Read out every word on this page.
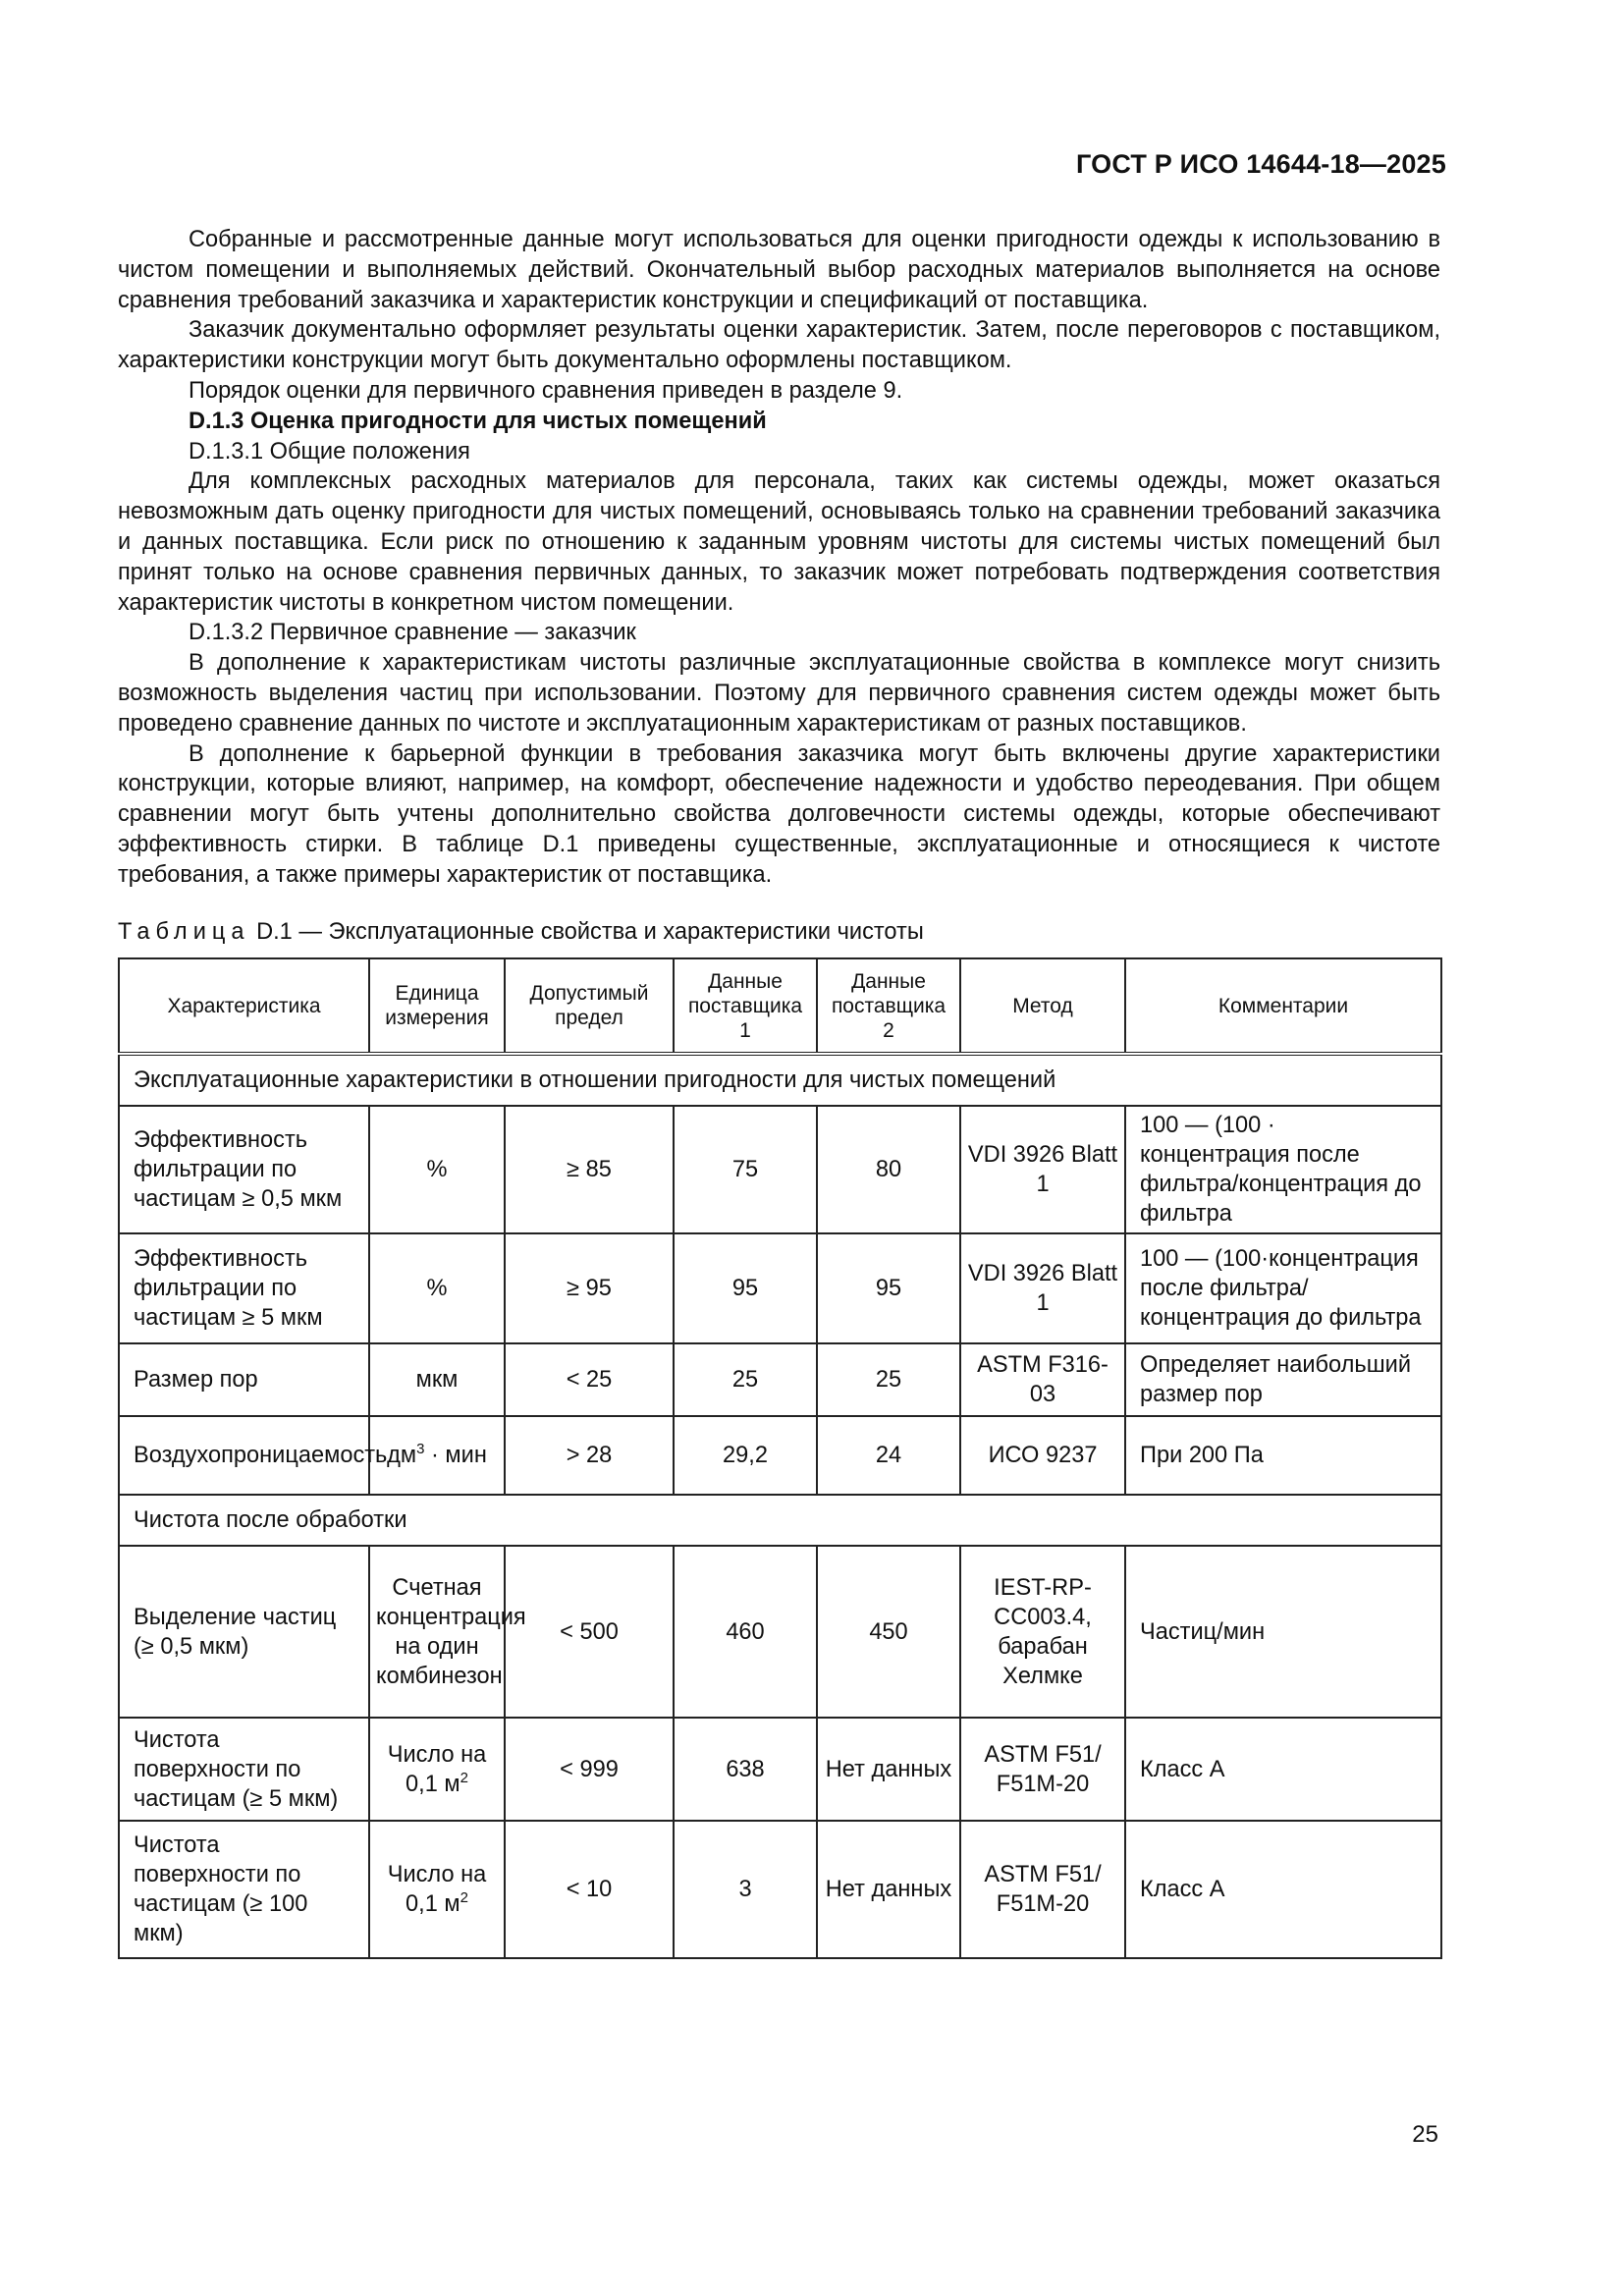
ГОСТ Р ИСО 14644-18—2025

Собранные и рассмотренные данные могут использоваться для оценки пригодности одежды к использованию в чистом помещении и выполняемых действий. Окончательный выбор расходных материалов выполняется на основе сравнения требований заказчика и характеристик конструкции и спецификаций от поставщика.

Заказчик документально оформляет результаты оценки характеристик. Затем, после переговоров с поставщиком, характеристики конструкции могут быть документально оформлены поставщиком.

Порядок оценки для первичного сравнения приведен в разделе 9.

D.1.3 Оценка пригодности для чистых помещений

D.1.3.1 Общие положения

Для комплексных расходных материалов для персонала, таких как системы одежды, может оказаться невозможным дать оценку пригодности для чистых помещений, основываясь только на сравнении требований заказчика и данных поставщика. Если риск по отношению к заданным уровням чистоты для системы чистых помещений был принят только на основе сравнения первичных данных, то заказчик может потребовать подтверждения соответствия характеристик чистоты в конкретном чистом помещении.

D.1.3.2 Первичное сравнение — заказчик

В дополнение к характеристикам чистоты различные эксплуатационные свойства в комплексе могут снизить возможность выделения частиц при использовании. Поэтому для первичного сравнения систем одежды может быть проведено сравнение данных по чистоте и эксплуатационным характеристикам от разных поставщиков.

В дополнение к барьерной функции в требования заказчика могут быть включены другие характеристики конструкции, которые влияют, например, на комфорт, обеспечение надежности и удобство переодевания. При общем сравнении могут быть учтены дополнительно свойства долговечности системы одежды, которые обеспечивают эффективность стирки. В таблице D.1 приведены существенные, эксплуатационные и относящиеся к чистоте требования, а также примеры характеристик от поставщика.

Таблица D.1 — Эксплуатационные свойства и характеристики чистоты
Характеристика	Единица измерения	Допустимый предел	Данные поставщика 1	Данные поставщика 2	Метод	Комментарии
Эксплуатационные характеристики в отношении пригодности для чистых помещений						
Эффективность фильтрации по частицам ≥ 0,5 мкм	%	≥ 85	75	80	VDI 3926 Blatt 1	100 — (100 · концентрация после фильтра/концентрация до фильтра
Эффективность фильтрации по частицам ≥ 5 мкм	%	≥ 95	95	95	VDI 3926 Blatt 1	100 — (100·концентрация после фильтра/концентрация до фильтра
Размер пор	мкм	< 25	25	25	ASTM F316-03	Определяет наибольший размер пор
Воздухопроницаемость	$дм^3$ · мин	> 28	29,2	24	ИСО 9237	При 200 Па
Чистота после обработки						
Выделение частиц (≥ 0,5 мкм)	Счетная концентрация на один комбинезон	< 500	460	450	IEST-RP-CC003.4, барабан Хелмке	Частиц/мин
Чистота поверхности по частицам (≥ 5 мкм)	Число на 0,1 $м^2$	< 999	638	Нет данных	ASTM F51/ F51M-20	Класс А
Чистота поверхности по частицам (≥ 100 мкм)	Число на 0,1 $м^2$	< 10	3	Нет данных	ASTM F51/ F51M-20	Класс А
25
